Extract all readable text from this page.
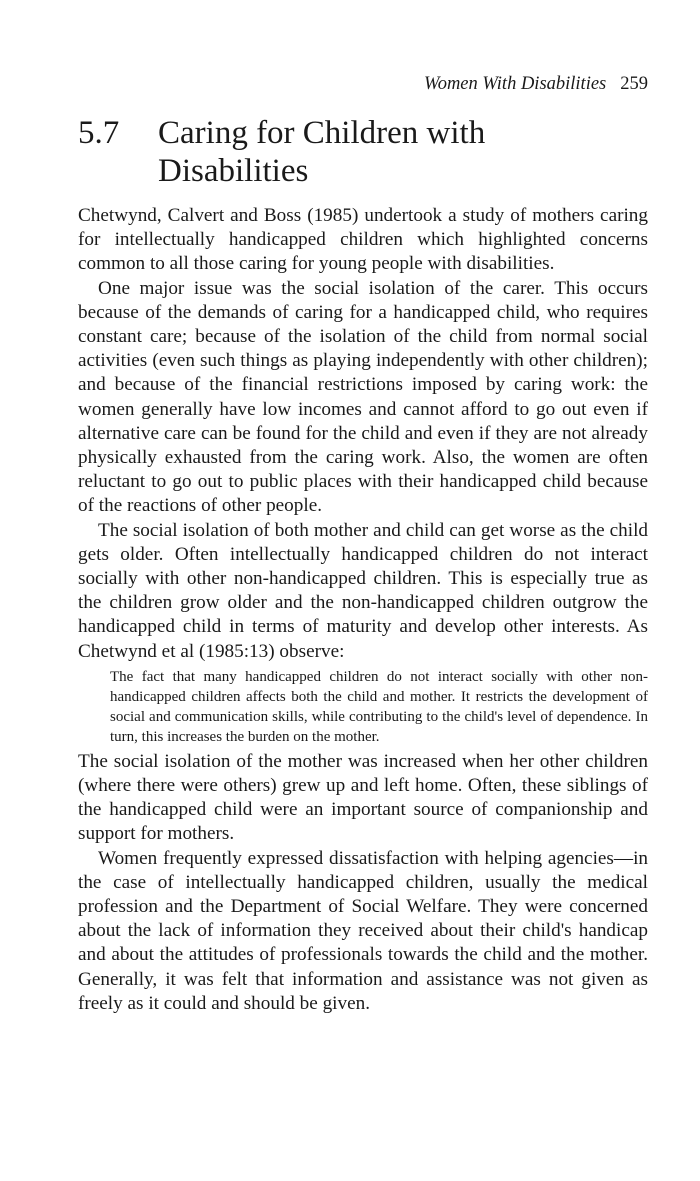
Women With Disabilities 259
5.7	Caring for Children with Disabilities

Chetwynd, Calvert and Boss (1985) undertook a study of mothers caring for intellectually handicapped children which highlighted concerns common to all those caring for young people with disabilities.

One major issue was the social isolation of the carer. This occurs because of the demands of caring for a handicapped child, who requires constant care; because of the isolation of the child from normal social activities (even such things as playing independently with other children); and because of the financial restrictions imposed by caring work: the women generally have low incomes and cannot afford to go out even if alternative care can be found for the child and even if they are not already physically exhausted from the caring work. Also, the women are often reluctant to go out to public places with their handicapped child because of the reactions of other people.

The social isolation of both mother and child can get worse as the child gets older. Often intellectually handicapped children do not interact socially with other non-handicapped children. This is especially true as the children grow older and the non-handicapped children outgrow the handicapped child in terms of maturity and develop other interests. As Chetwynd et al (1985:13) observe:

The fact that many handicapped children do not interact socially with other non-handicapped children affects both the child and mother. It restricts the development of social and communication skills, while contributing to the child's level of dependence. In turn, this increases the burden on the mother.

The social isolation of the mother was increased when her other children (where there were others) grew up and left home. Often, these siblings of the handicapped child were an important source of companionship and support for mothers.

Women frequently expressed dissatisfaction with helping agencies—in the case of intellectually handicapped children, usually the medical profession and the Department of Social Welfare. They were concerned about the lack of information they received about their child's handicap and about the attitudes of professionals towards the child and the mother. Generally, it was felt that information and assistance was not given as freely as it could and should be given.
